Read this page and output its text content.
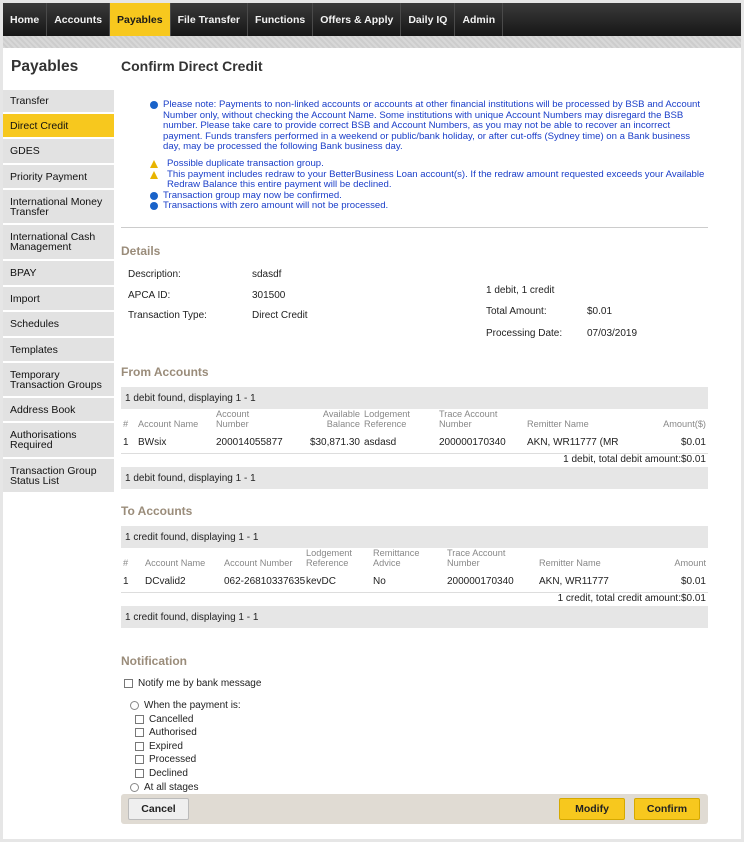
Home	Accounts	Payables	File Transfer	Functions	Offers & Apply	Daily IQ	Admin
Payables
Transfer
Direct Credit
GDES
Priority Payment
International Money Transfer
International Cash Management
BPAY
Import
Schedules
Templates
Temporary Transaction Groups
Address Book
Authorisations Required
Transaction Group Status List
Confirm Direct Credit
Please note: Payments to non-linked accounts or accounts at other financial institutions will be processed by BSB and Account Number only, without checking the Account Name. Some institutions with unique Account Numbers may disregard the BSB number. Please take care to provide correct BSB and Account Numbers, as you may not be able to recover an incorrect payment. Funds transfers performed in a weekend or public/bank holiday, or after cut-offs (Sydney time) on a Bank business day, may be processed the following Bank business day.
Possible duplicate transaction group.
This payment includes redraw to your BetterBusiness Loan account(s). If the redraw amount requested exceeds your Available Redraw Balance this entire payment will be declined.
Transaction group may now be confirmed.
Transactions with zero amount will not be processed.
Details
Description:	sdasdf
APCA ID:	301500
Transaction Type:	Direct Credit
1 debit, 1 credit
Total Amount:	$0.01
Processing Date: 07/03/2019
From Accounts
1 debit found, displaying 1 - 1
#	Account Name	Account Number	Available Balance	Lodgement Reference	Trace Account Number	Remitter Name	Amount($)
1	BWsix	200014055877	$30,871.30	asdasd	200000170340	AKN, WR11777 (MR	$0.01
1 debit, total debit amount:$0.01
1 debit found, displaying 1 - 1
To Accounts
1 credit found, displaying 1 - 1
#	Account Name	Account Number	Lodgement Reference	Remittance Advice	Trace Account Number	Remitter Name	Amount
1	DCvalid2	062-26810337635	kevDC	No	200000170340	AKN, WR11777	$0.01
1 credit, total credit amount:$0.01
1 credit found, displaying 1 - 1
Notification
Notify me by bank message
When the payment is:
Cancelled
Authorised
Expired
Processed
Declined
At all stages
Cancel	Modify	Confirm
